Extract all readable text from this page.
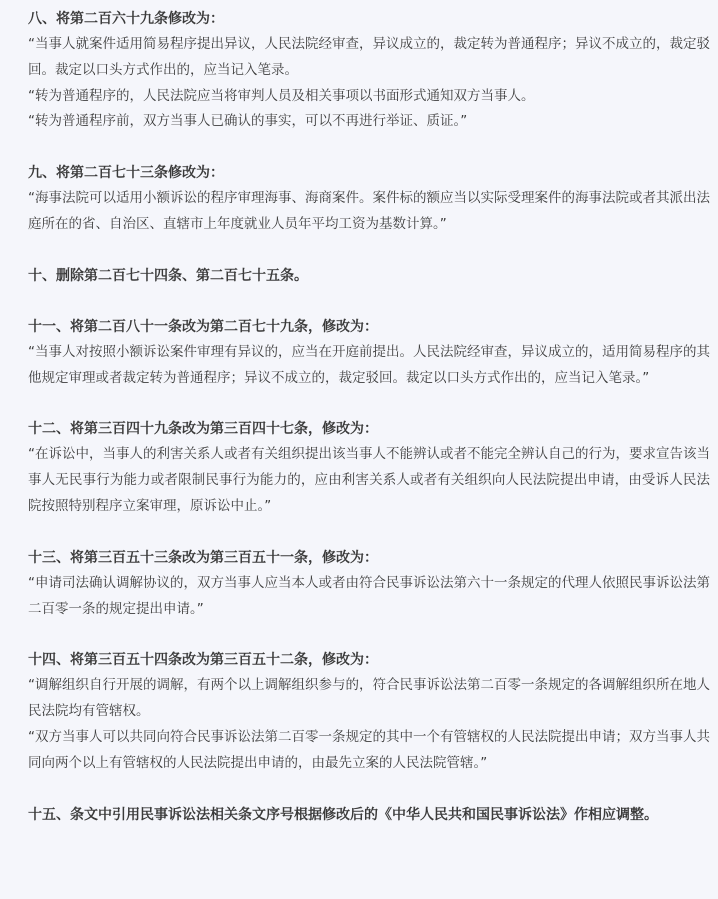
八、将第二百六十九条修改为：

“当事人就案件适用简易程序提出异议，人民法院经审查，异议成立的，裁定转为普通程序；异议不成立的，裁定驳回。裁定以口头方式作出的，应当记入笔录。

“转为普通程序的，人民法院应当将审判人员及相关事项以书面形式通知双方当事人。

“转为普通程序前，双方当事人已确认的事实，可以不再进行举证、质证。”

九、将第二百七十三条修改为：

“海事法院可以适用小额诉讼的程序审理海事、海商案件。案件标的额应当以实际受理案件的海事法院或者其派出法庭所在的省、自治区、直辖市上年度就业人员年平均工资为基数计算。”

十、删除第二百七十四条、第二百七十五条。

十一、将第二百八十一条改为第二百七十九条，修改为：

“当事人对按照小额诉讼案件审理有异议的，应当在开庭前提出。人民法院经审查，异议成立的，适用简易程序的其他规定审理或者裁定转为普通程序；异议不成立的，裁定驳回。裁定以口头方式作出的，应当记入笔录。”

十二、将第三百四十九条改为第三百四十七条，修改为：

“在诉讼中，当事人的利害关系人或者有关组织提出该当事人不能辨认或者不能完全辨认自己的行为，要求宣告该当事人无民事行为能力或者限制民事行为能力的，应由利害关系人或者有关组织向人民法院提出申请，由受诉人民法院按照特别程序立案审理，原诉讼中止。”

十三、将第三百五十三条改为第三百五十一条，修改为：

“申请司法确认调解协议的，双方当事人应当本人或者由符合民事诉讼法第六十一条规定的代理人依照民事诉讼法第二百零一条的规定提出申请。”

十四、将第三百五十四条改为第三百五十二条，修改为：

“调解组织自行开展的调解，有两个以上调解组织参与的，符合民事诉讼法第二百零一条规定的各调解组织所在地人民法院均有管辖权。

“双方当事人可以共同向符合民事诉讼法第二百零一条规定的其中一个有管辖权的人民法院提出申请；双方当事人共同向两个以上有管辖权的人民法院提出申请的，由最先立案的人民法院管辖。”

十五、条文中引用民事诉讼法相关条文序号根据修改后的《中华人民共和国民事诉讼法》作相应调整。
